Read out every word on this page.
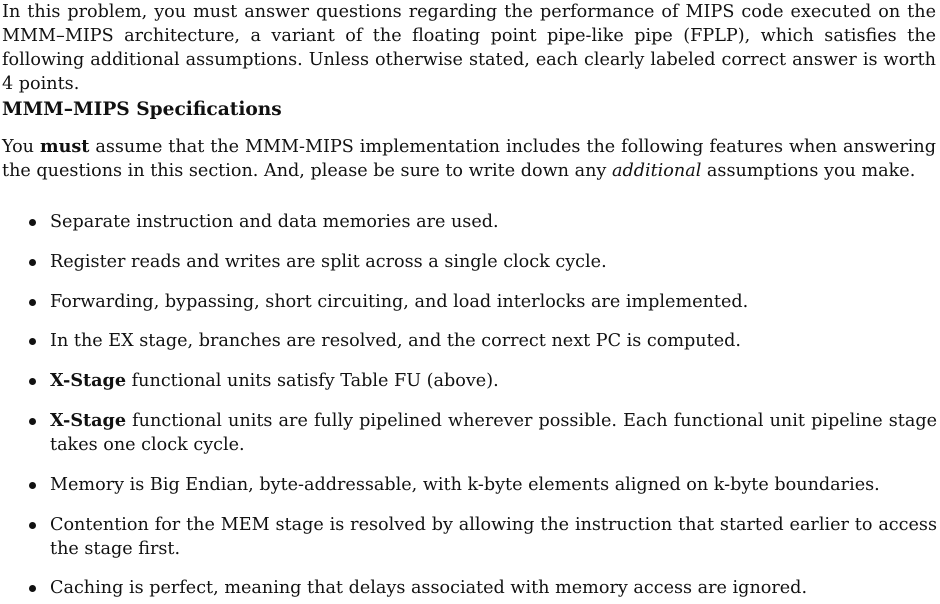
In this problem, you must answer questions regarding the performance of MIPS code executed on the MMM–MIPS architecture, a variant of the floating point pipe-like pipe (FPLP), which satisfies the following additional assumptions. Unless otherwise stated, each clearly labeled correct answer is worth 4 points.

MMM–MIPS Specifications

You must assume that the MMM-MIPS implementation includes the following features when answering the questions in this section. And, please be sure to write down any additional assumptions you make.

Separate instruction and data memories are used.
Register reads and writes are split across a single clock cycle.
Forwarding, bypassing, short circuiting, and load interlocks are implemented.
In the EX stage, branches are resolved, and the correct next PC is computed.
X-Stage functional units satisfy Table FU (above).
X-Stage functional units are fully pipelined wherever possible. Each functional unit pipeline stage takes one clock cycle.
Memory is Big Endian, byte-addressable, with k-byte elements aligned on k-byte boundaries.
Contention for the MEM stage is resolved by allowing the instruction that started earlier to access the stage first.
Caching is perfect, meaning that delays associated with memory access are ignored.
